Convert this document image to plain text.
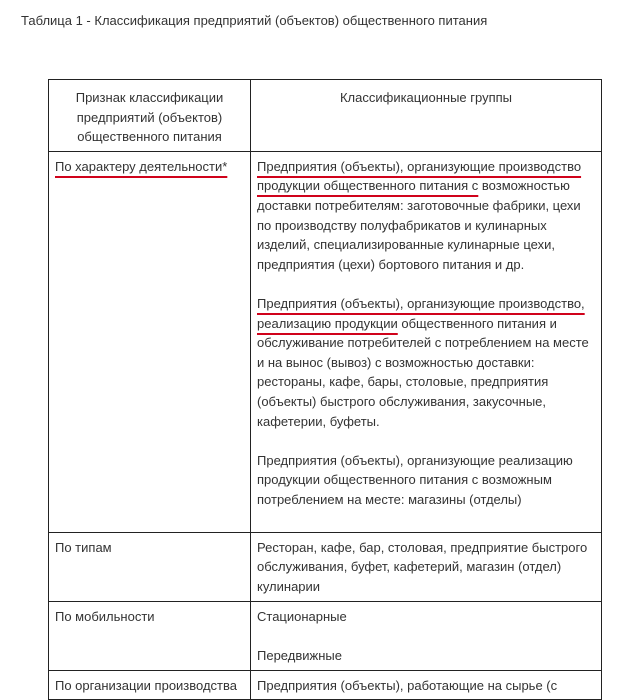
Таблица 1 - Классификация предприятий (объектов) общественного питания
Признак классификации предприятий (объектов) общественного питания	Классификационные группы
По характеру деятельности*	Предприятия (объекты), организующие производство продукции общественного питания с возможностью доставки потребителям: заготовочные фабрики, цехи по производству полуфабрикатов и кулинарных изделий, специализированные кулинарные цехи, предприятия (цехи) бортового питания и др.

Предприятия (объекты), организующие производство, реализацию продукции общественного питания и обслуживание потребителей с потреблением на месте и на вынос (вывоз) с возможностью доставки: рестораны, кафе, бары, столовые, предприятия (объекты) быстрого обслуживания, закусочные, кафетерии, буфеты.

Предприятия (объекты), организующие реализацию продукции общественного питания с возможным потреблением на месте: магазины (отделы)

По типам	Ресторан, кафе, бар, столовая, предприятие быстрого обслуживания, буфет, кафетерий, магазин (отдел) кулинарии
По мобильности	Стационарные

Передвижные

По организации производства	Предприятия (объекты), работающие на сырье (с
